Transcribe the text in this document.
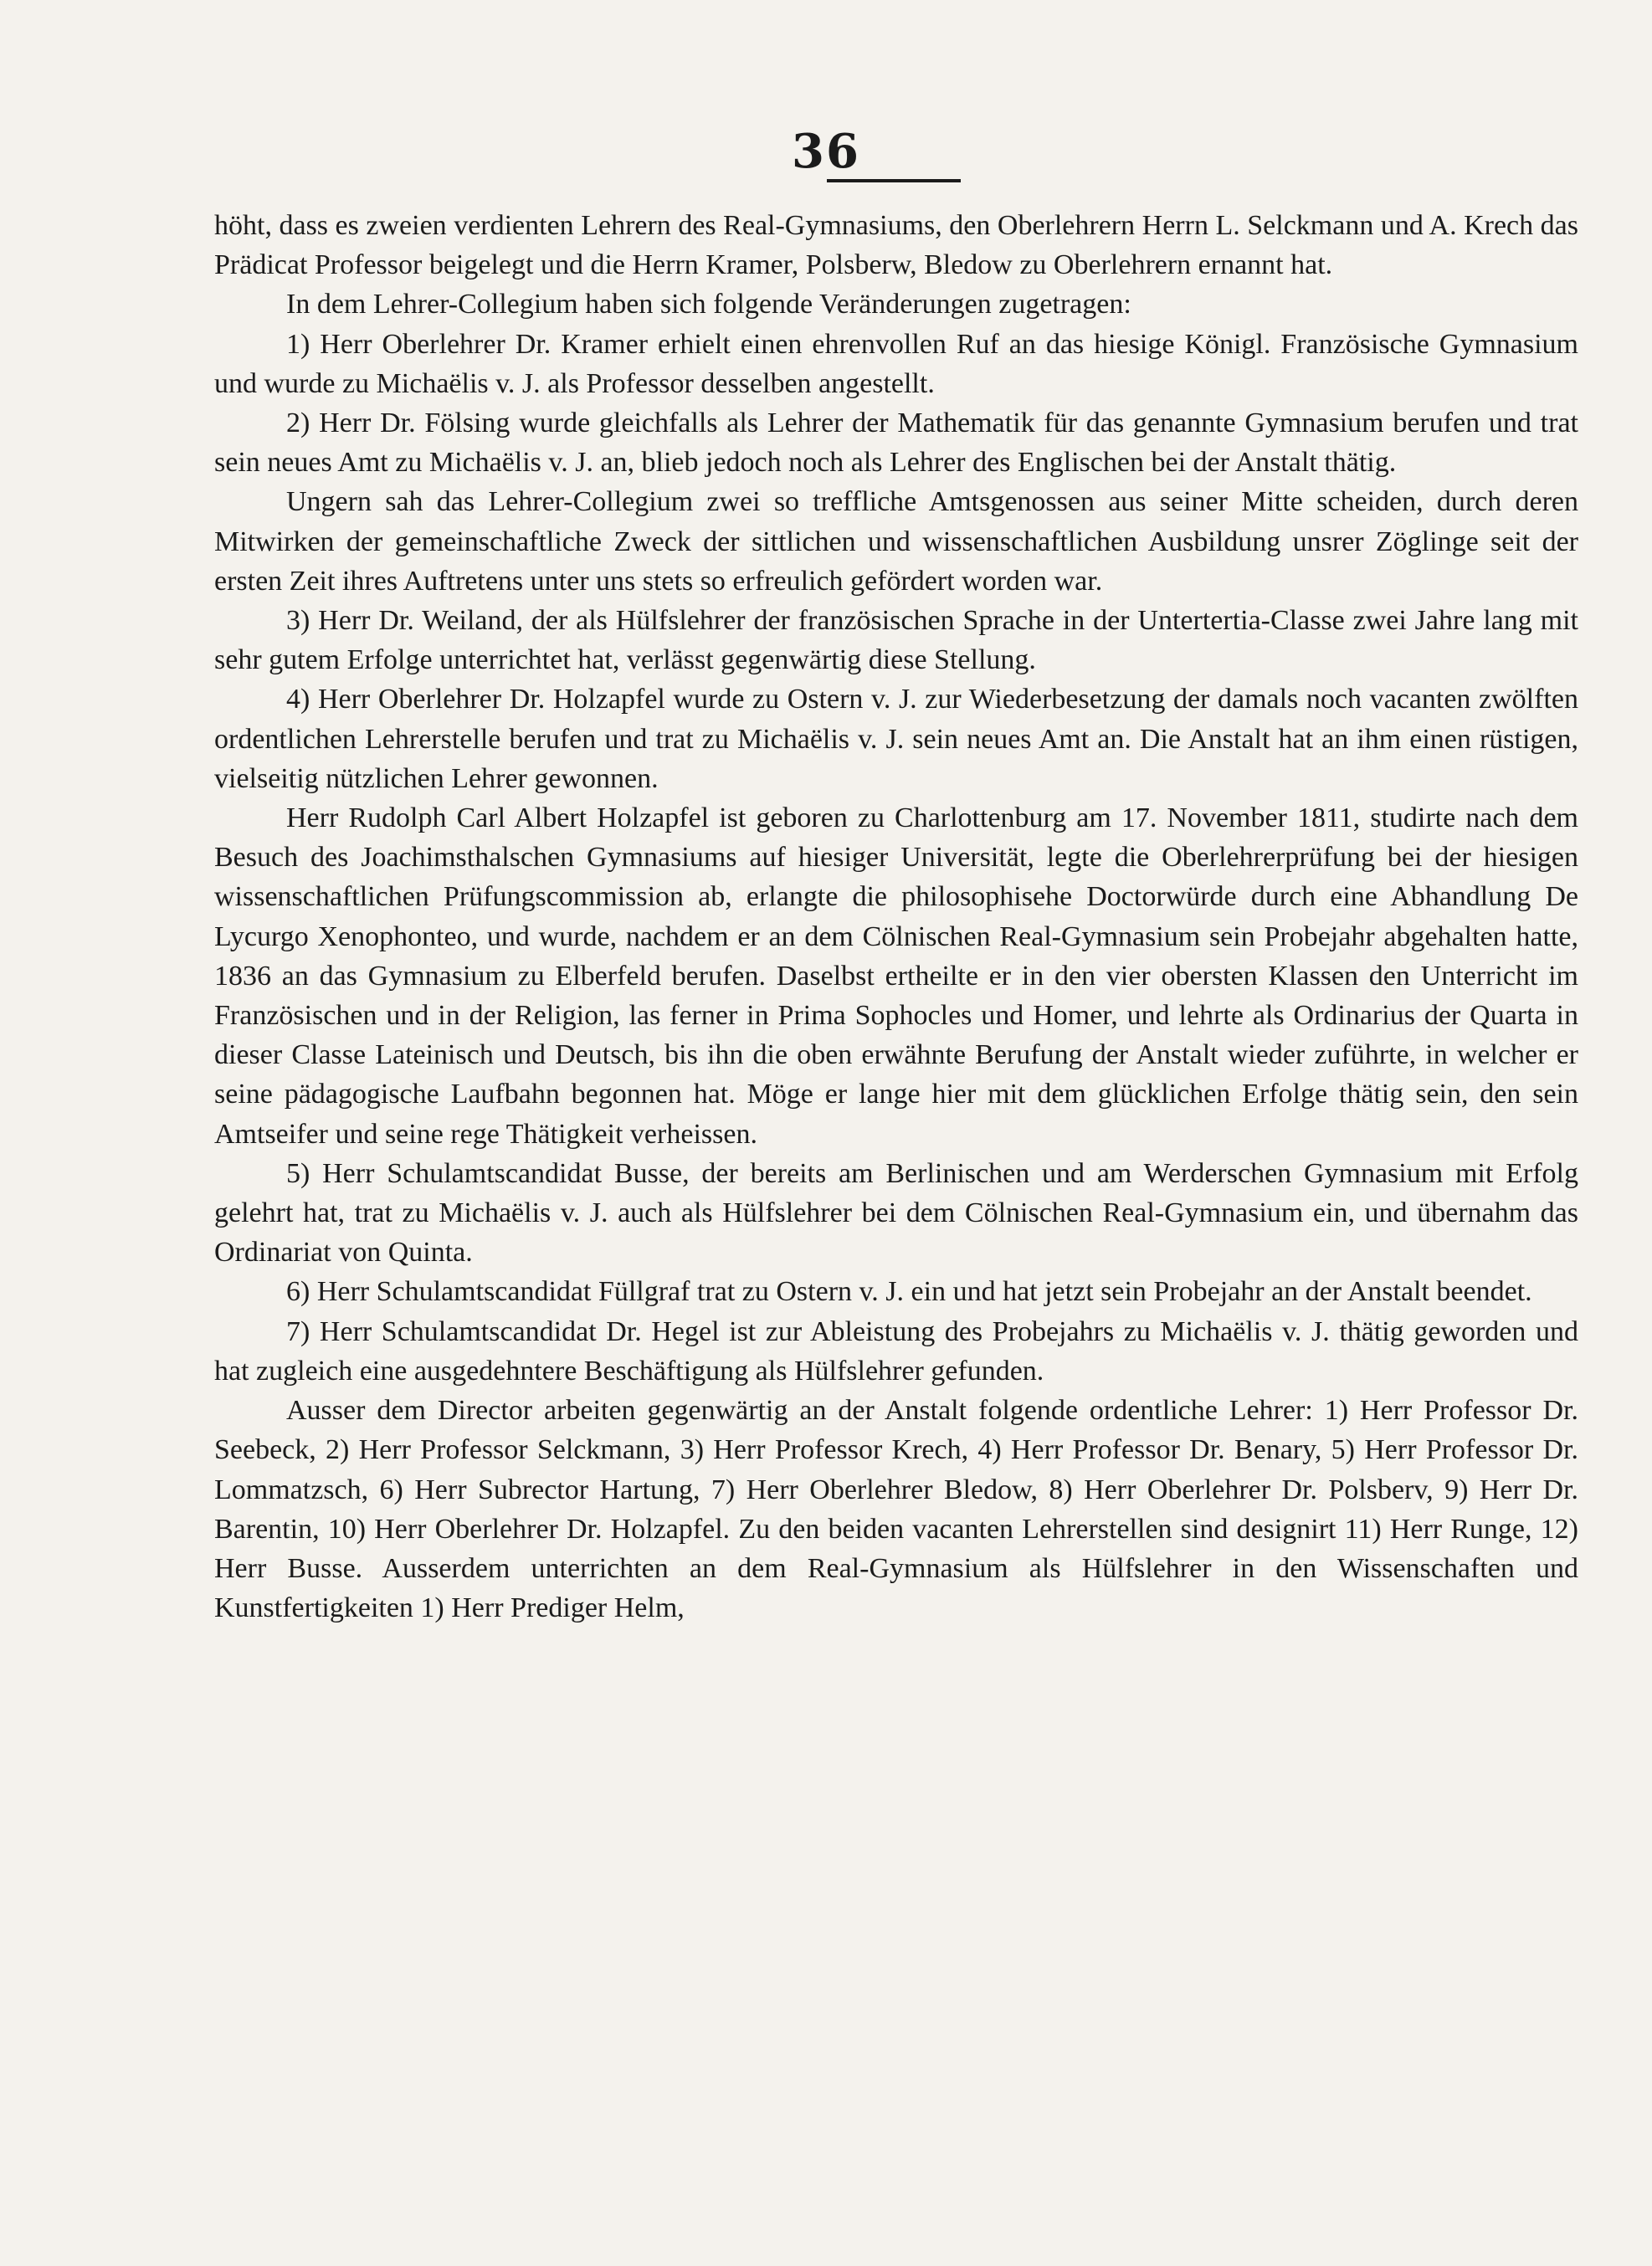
36

höht, dass es zweien verdienten Lehrern des Real-Gymnasiums, den Oberlehrern Herrn L. Selckmann und A. Krech das Prädicat Professor beigelegt und die Herrn Kramer, Polsberw, Bledow zu Oberlehrern ernannt hat.

In dem Lehrer-Collegium haben sich folgende Veränderungen zugetragen:

1) Herr Oberlehrer Dr. Kramer erhielt einen ehrenvollen Ruf an das hiesige Königl. Französische Gymnasium und wurde zu Michaëlis v. J. als Professor desselben angestellt.

2) Herr Dr. Fölsing wurde gleichfalls als Lehrer der Mathematik für das genannte Gymnasium berufen und trat sein neues Amt zu Michaëlis v. J. an, blieb jedoch noch als Lehrer des Englischen bei der Anstalt thätig.

Ungern sah das Lehrer-Collegium zwei so treffliche Amtsgenossen aus seiner Mitte scheiden, durch deren Mitwirken der gemeinschaftliche Zweck der sittlichen und wissenschaftlichen Ausbildung unsrer Zöglinge seit der ersten Zeit ihres Auftretens unter uns stets so erfreulich gefördert worden war.

3) Herr Dr. Weiland, der als Hülfslehrer der französischen Sprache in der Untertertia-Classe zwei Jahre lang mit sehr gutem Erfolge unterrichtet hat, verlässt gegenwärtig diese Stellung.

4) Herr Oberlehrer Dr. Holzapfel wurde zu Ostern v. J. zur Wiederbesetzung der damals noch vacanten zwölften ordentlichen Lehrerstelle berufen und trat zu Michaëlis v. J. sein neues Amt an. Die Anstalt hat an ihm einen rüstigen, vielseitig nützlichen Lehrer gewonnen.

Herr Rudolph Carl Albert Holzapfel ist geboren zu Charlottenburg am 17. November 1811, studirte nach dem Besuch des Joachimsthalschen Gymnasiums auf hiesiger Universität, legte die Oberlehrerprüfung bei der hiesigen wissenschaftlichen Prüfungscommission ab, erlangte die philosophisehe Doctorwürde durch eine Abhandlung De Lycurgo Xenophonteo, und wurde, nachdem er an dem Cölnischen Real-Gymnasium sein Probejahr abgehalten hatte, 1836 an das Gymnasium zu Elberfeld berufen. Daselbst ertheilte er in den vier obersten Klassen den Unterricht im Französischen und in der Religion, las ferner in Prima Sophocles und Homer, und lehrte als Ordinarius der Quarta in dieser Classe Lateinisch und Deutsch, bis ihn die oben erwähnte Berufung der Anstalt wieder zuführte, in welcher er seine pädagogische Laufbahn begonnen hat. Möge er lange hier mit dem glücklichen Erfolge thätig sein, den sein Amtseifer und seine rege Thätigkeit verheissen.

5) Herr Schulamtscandidat Busse, der bereits am Berlinischen und am Werderschen Gymnasium mit Erfolg gelehrt hat, trat zu Michaëlis v. J. auch als Hülfslehrer bei dem Cölnischen Real-Gymnasium ein, und übernahm das Ordinariat von Quinta.

6) Herr Schulamtscandidat Füllgraf trat zu Ostern v. J. ein und hat jetzt sein Probejahr an der Anstalt beendet.

7) Herr Schulamtscandidat Dr. Hegel ist zur Ableistung des Probejahrs zu Michaëlis v. J. thätig geworden und hat zugleich eine ausgedehntere Beschäftigung als Hülfslehrer gefunden.

Ausser dem Director arbeiten gegenwärtig an der Anstalt folgende ordentliche Lehrer: 1) Herr Professor Dr. Seebeck, 2) Herr Professor Selckmann, 3) Herr Professor Krech, 4) Herr Professor Dr. Benary, 5) Herr Professor Dr. Lommatzsch, 6) Herr Subrector Hartung, 7) Herr Oberlehrer Bledow, 8) Herr Oberlehrer Dr. Polsberv, 9) Herr Dr. Barentin, 10) Herr Oberlehrer Dr. Holzapfel. Zu den beiden vacanten Lehrerstellen sind designirt 11) Herr Runge, 12) Herr Busse. Ausserdem unterrichten an dem Real-Gymnasium als Hülfslehrer in den Wissenschaften und Kunstfertigkeiten 1) Herr Prediger Helm,
